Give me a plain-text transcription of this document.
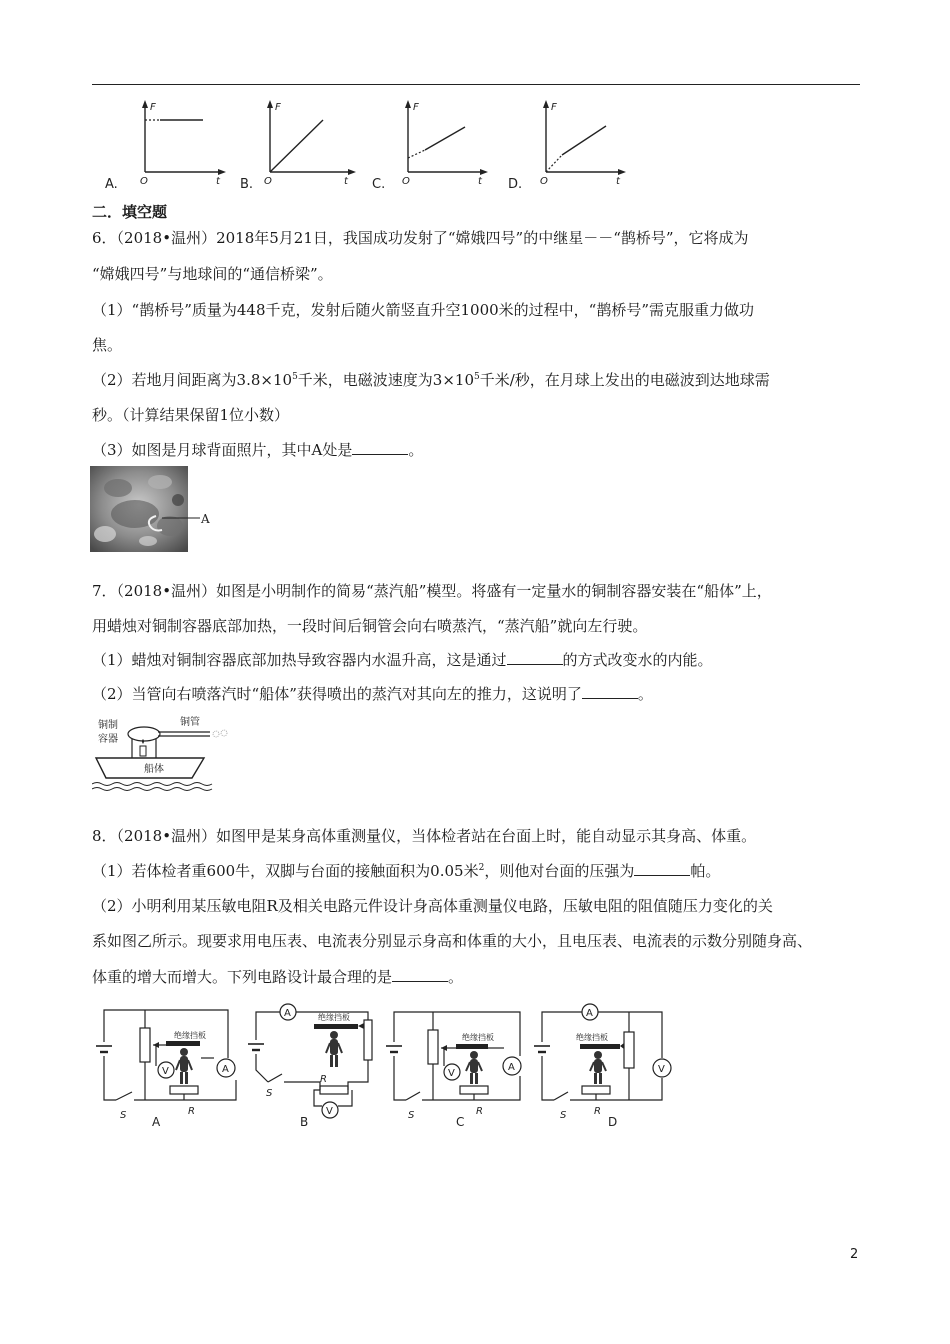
A.
F
O	t B.
F
O	t C.
F
O	t D.
F
O	t
二．填空题
6．（2018•温州）2018年5月21日，我国成功发射了“嫦娥四号”的中继星－－“鹊桥号”，它将成为
“嫦娥四号”与地球间的“通信桥梁”。
（1）“鹊桥号”质量为448千克，发射后随火箭竖直升空1000米的过程中，“鹊桥号”需克服重力做功
焦。
（2）若地月间距离为$3.8\times 10^5$千米，电磁波速度为$3\times 10^5$千米/秒，在月球上发出的电磁波到达地球需
秒。（计算结果保留1位小数）
（3）如图是月球背面照片，其中A处是	。
A
7．（2018•温州）如图是小明制作的简易“蒸汽船”模型。将盛有一定量水的铜制容器安装在“船体”上，
用蜡烛对铜制容器底部加热，一段时间后铜管会向右喷蒸汽，“蒸汽船”就向左行驶。
（1）蜡烛对铜制容器底部加热导致容器内水温升高，这是通过	的方式改变水的内能。
（2）当管向右喷落汽时“船体”获得喷出的蒸汽对其向左的推力，这说明了	。
铜制
容器
铜管
船体
8．（2018•温州）如图甲是某身高体重测量仪，当体检者站在台面上时，能自动显示其身高、体重。
（1）若体检者重600牛，双脚与台面的接触面积为0.05米$^2$，则他对台面的压强为	帕。
（2）小明利用某压敏电阻R及相关电路元件设计身高体重测量仪电路，压敏电阻的阻值随压力变化的关
系如图乙所示。现要求用电压表、电流表分别显示身高和体重的大小，且电压表、电流表的示数分别随身高、
体重的增大而增大。下列电路设计最合理的是	。
V	A
绝缘挡板
S	R
A
A
V
绝缘挡板
S
R
B
V
A
绝缘挡板
S	R
C
A
V
绝缘挡板
S	R
D
2
